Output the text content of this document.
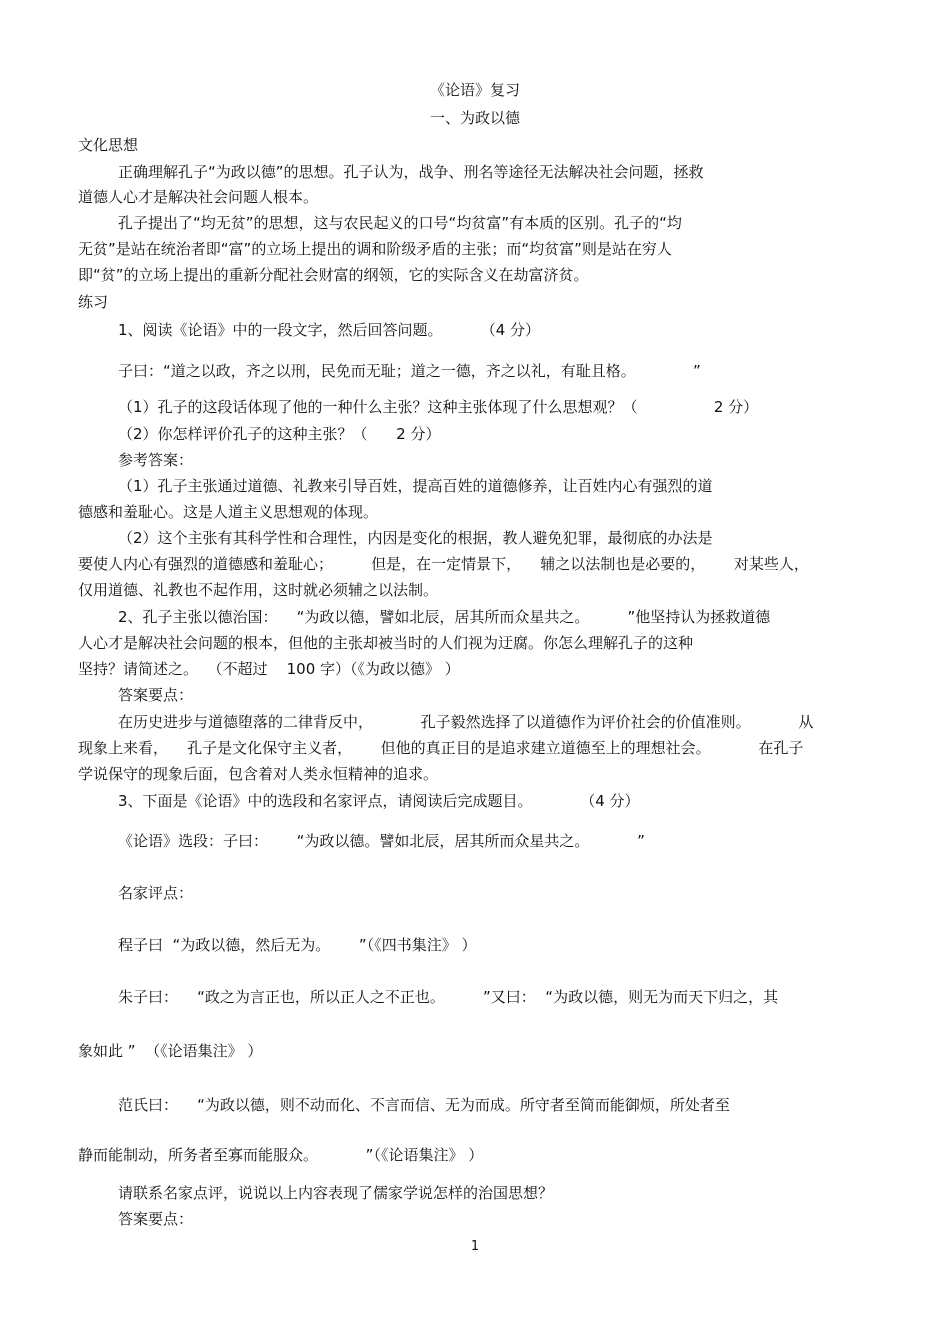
《论语》复习
一、为政以德
文化思想
正确理解孔子“为政以德”的思想。孔子认为，战争、刑名等途径无法解决社会问题，拯救
道德人心才是解决社会问题人根本。
孔子提出了“均无贫”的思想，这与农民起义的口号“均贫富”有本质的区别。孔子的“均
无贫”是站在统治者即“富”的立场上提出的调和阶级矛盾的主张；而“均贫富”则是站在穷人
即“贫”的立场上提出的重新分配社会财富的纲领，它的实际含义在劫富济贫。
练习
1、阅读《论语》中的一段文字，然后回答问题。        （4 分）
子曰：“道之以政，齐之以刑，民免而无耻；道之一德，齐之以礼，有耻且格。            ”
（1）孔子的这段话体现了他的一种什么主张？这种主张体现了什么思想观？（                2 分）
（2）你怎样评价孔子的这种主张？（      2 分）
参考答案：
（1）孔子主张通过道德、礼教来引导百姓，提高百姓的道德修养，让百姓内心有强烈的道
德感和羞耻心。这是人道主义思想观的体现。
（2）这个主张有其科学性和合理性，内因是变化的根据，教人避免犯罪，最彻底的办法是
要使人内心有强烈的道德感和羞耻心；        但是，在一定情景下，    辅之以法制也是必要的，      对某些人，
仅用道德、礼教也不起作用，这时就必须辅之以法制。
2、孔子主张以德治国：    “为政以德，譬如北辰，居其所而众星共之。        ”他坚持认为拯救道德
人心才是解决社会问题的根本，但他的主张却被当时的人们视为迂腐。你怎么理解孔子的这种
坚持？请简述之。  （不超过    100 字）（《为政以德》 ）
答案要点：
在历史进步与道德堕落的二律背反中，          孔子毅然选择了以道德作为评价社会的价值准则。          从
现象上来看，    孔子是文化保守主义者，      但他的真正目的是追求建立道德至上的理想社会。          在孔子
学说保守的现象后面，包含着对人类永恒精神的追求。
3、下面是《论语》中的选段和名家评点，请阅读后完成题目。          （4 分）
《论语》选段：子曰：      “为政以德。譬如北辰，居其所而众星共之。          ”
名家评点：
程子曰  “为政以德，然后无为。      ”（《四书集注》 ）
朱子曰：    “政之为言正也，所以正人之不正也。        ”又曰：  “为政以德，则无为而天下归之，其
象如此 ”  （《论语集注》 ）
范氏曰：    “为政以德，则不动而化、不言而信、无为而成。所守者至简而能御烦，所处者至
静而能制动，所务者至寡而能服众。          ”（《论语集注》 ）
请联系名家点评，说说以上内容表现了儒家学说怎样的治国思想？
答案要点：
1
